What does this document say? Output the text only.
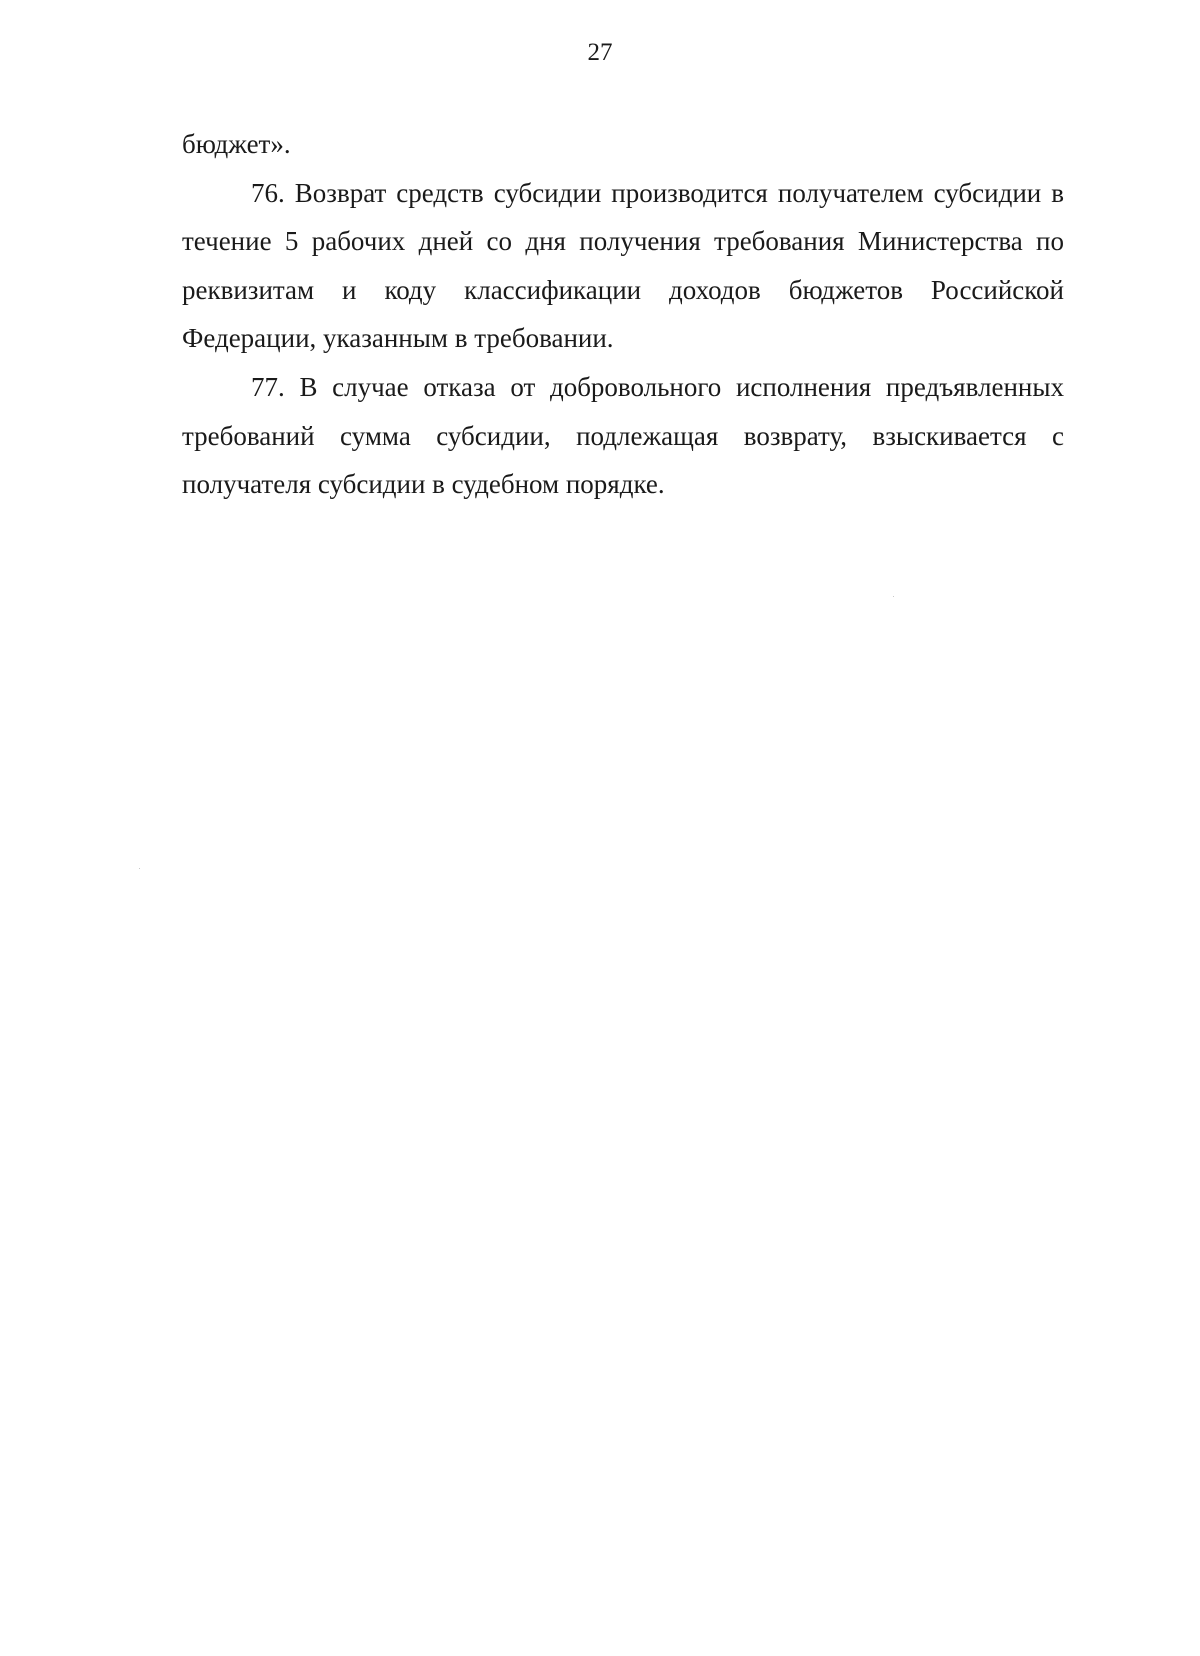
27

бюджет».

76. Возврат средств субсидии производится получателем субсидии в течение 5 рабочих дней со дня получения требования Министерства по реквизитам и коду классификации доходов бюджетов Российской Федерации, указанным в требовании.

77. В случае отказа от добровольного исполнения предъявленных требований сумма субсидии, подлежащая возврату, взыскивается с получателя субсидии в судебном порядке.
